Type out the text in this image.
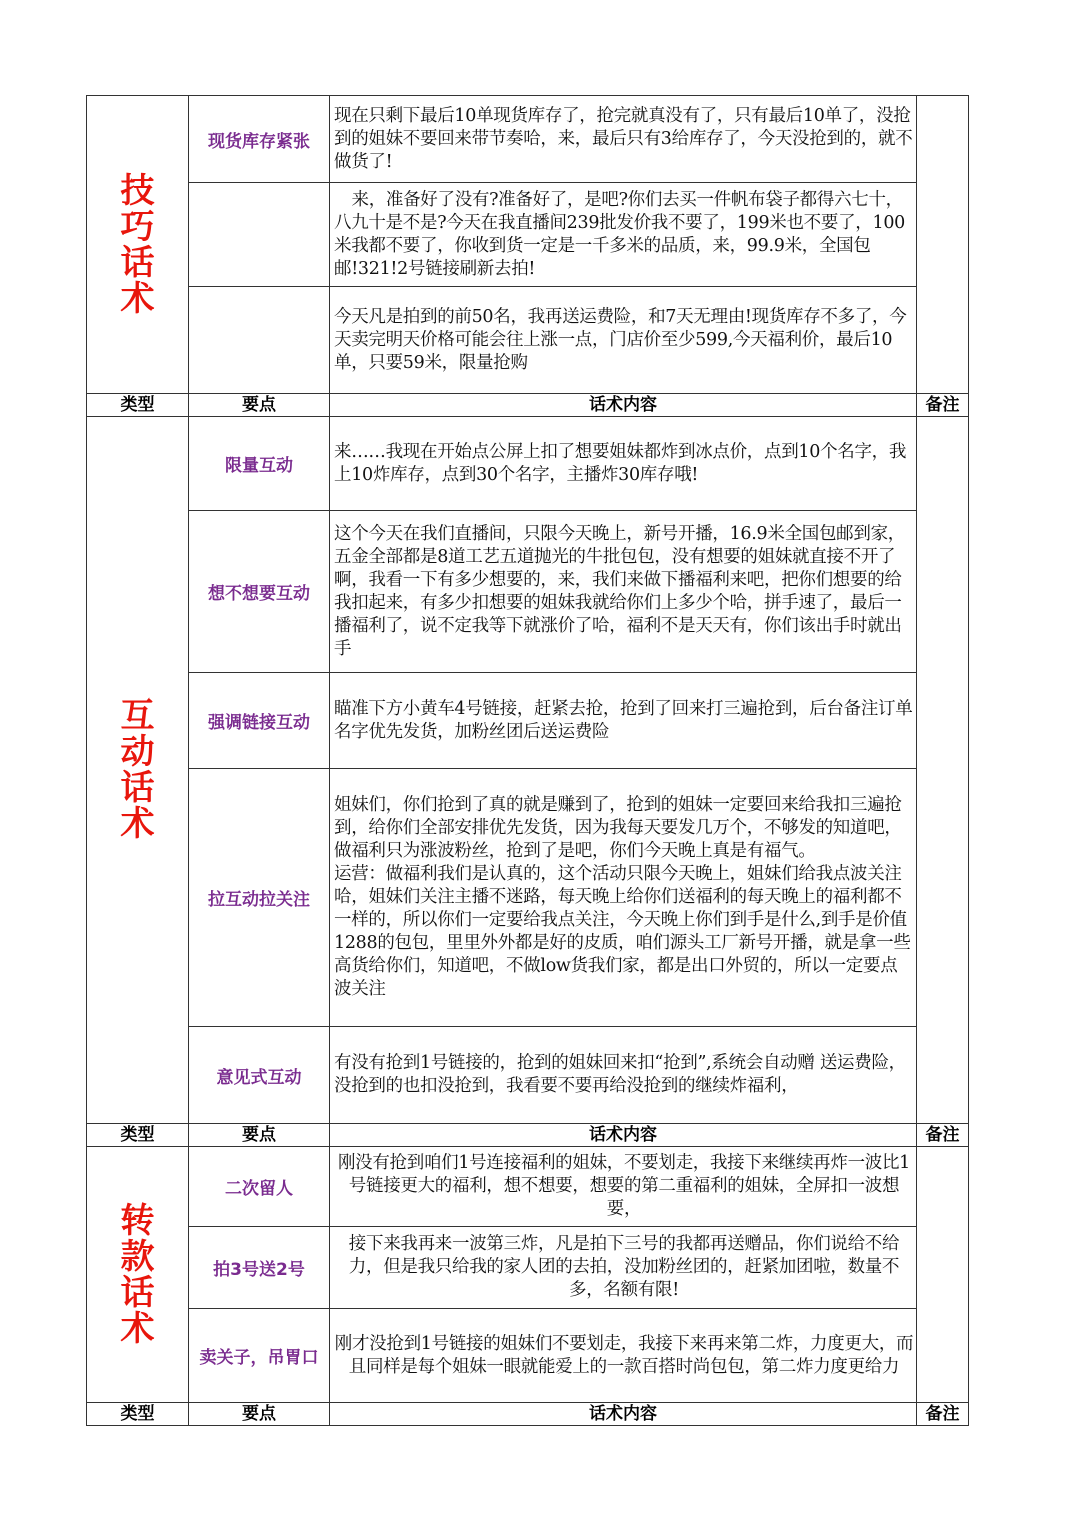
技巧话术	现货库存紧张	现在只剩下最后10单现货库存了，抢完就真没有了，只有最后10单了，没抢到的姐妹不要回来带节奏哈，来，最后只有3给库存了，今天没抢到的，就不做货了!	

		来，准备好了没有?准备好了，是吧?你们去买一件帆布袋子都得六七十，八九十是不是?今天在我直播间239批发价我不要了，199米也不要了，100米我都不要了，你收到货一定是一千多米的品质，来，99.9米，全国包邮!321!2号链接刷新去拍!	

		今天凡是拍到的前50名，我再送运费险，和7天无理由!现货库存不多了，今天卖完明天价格可能会往上涨一点，门店价至少599,今天福利价，最后10单，只要59米，限量抢购	

类型	要点	话术内容	备注
互动话术	限量互动	来……我现在开始点公屏上扣了想要姐妹都炸到冰点价，点到10个名字，我上10炸库存，点到30个名字，主播炸30库存哦!	

	想不想要互动	这个今天在我们直播间，只限今天晚上，新号开播，16.9米全国包邮到家，五金全部都是8道工艺五道抛光的牛批包包，没有想要的姐妹就直接不开了啊，我看一下有多少想要的，来，我们来做下播福利来吧，把你们想要的给我扣起来，有多少扣想要的姐妹我就给你们上多少个哈，拼手速了，最后一播福利了，说不定我等下就涨价了哈，福利不是天天有，你们该出手时就出手	

	强调链接互动	瞄准下方小黄车4号链接，赶紧去抢，抢到了回来打三遍抢到，后台备注订单名字优先发货，加粉丝团后送运费险	

	拉互动拉关注	姐妹们，你们抢到了真的就是赚到了，抢到的姐妹一定要回来给我扣三遍抢到，给你们全部安排优先发货，因为我每天要发几万个，不够发的知道吧，做福利只为涨波粉丝，抢到了是吧，你们今天晚上真是有福气。

运营：做福利我们是认真的，这个活动只限今天晚上，姐妹们给我点波关注哈，姐妹们关注主播不迷路，每天晚上给你们送福利的每天晚上的福利都不一样的，所以你们一定要给我点关注，今天晚上你们到手是什么,到手是价值1288的包包，里里外外都是好的皮质，咱们源头工厂新号开播，就是拿一些高货给你们，知道吧，不做low货我们家，都是出口外贸的，所以一定要点波关注	

	意见式互动	有没有抢到1号链接的，抢到的姐妹回来扣“抢到”,系统会自动赠 送运费险，没抢到的也扣没抢到，我看要不要再给没抢到的继续炸福利，	

类型	要点	话术内容	备注
转款话术	二次留人	刚没有抢到咱们1号连接福利的姐妹，不要划走，我接下来继续再炸一波比1号链接更大的福利，想不想要，想要的第二重福利的姐妹，全屏扣一波想要，	

	拍3号送2号	接下来我再来一波第三炸，凡是拍下三号的我都再送赠品，你们说给不给力，但是我只给我的家人团的去拍，没加粉丝团的，赶紧加团啦，数量不多，名额有限!	

	卖关子，吊胃口	刚才没抢到1号链接的姐妹们不要划走，我接下来再来第二炸，力度更大，而且同样是每个姐妹一眼就能爱上的一款百搭时尚包包，第二炸力度更给力	

类型	要点	话术内容	备注
